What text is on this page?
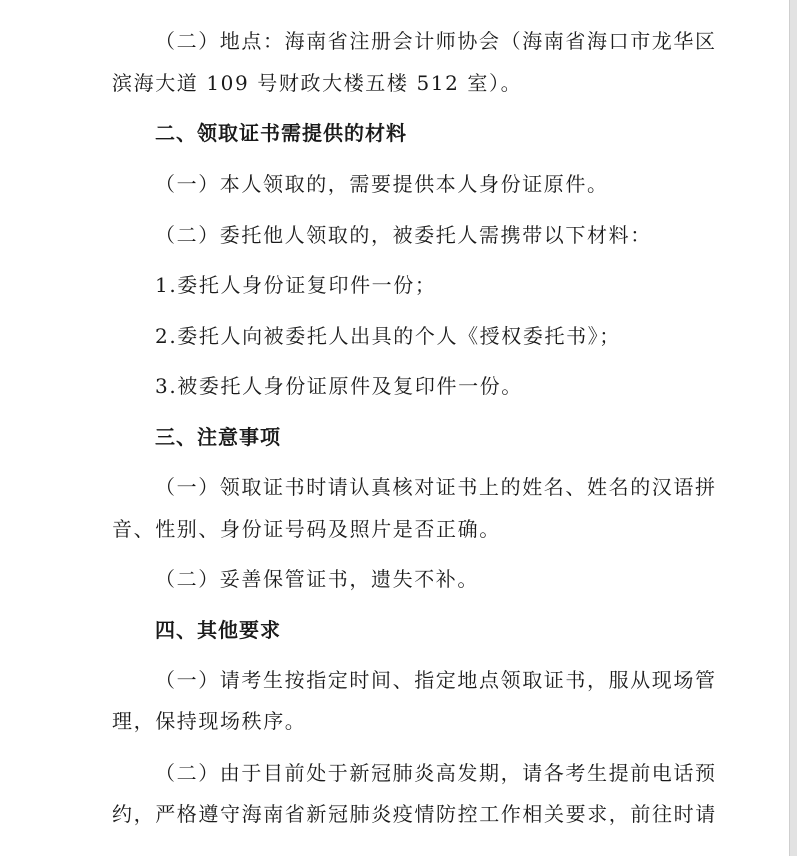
（二）地点：海南省注册会计师协会（海南省海口市龙华区
滨海大道 109 号财政大楼五楼 512 室）。
二、领取证书需提供的材料
（一）本人领取的，需要提供本人身份证原件。
（二）委托他人领取的，被委托人需携带以下材料：
1.委托人身份证复印件一份；
2.委托人向被委托人出具的个人《授权委托书》；
3.被委托人身份证原件及复印件一份。
三、注意事项
（一）领取证书时请认真核对证书上的姓名、姓名的汉语拼
音、性别、身份证号码及照片是否正确。
（二）妥善保管证书，遗失不补。
四、其他要求
（一）请考生按指定时间、指定地点领取证书，服从现场管
理，保持现场秩序。
（二）由于目前处于新冠肺炎高发期，请各考生提前电话预
约，严格遵守海南省新冠肺炎疫情防控工作相关要求，前往时请
